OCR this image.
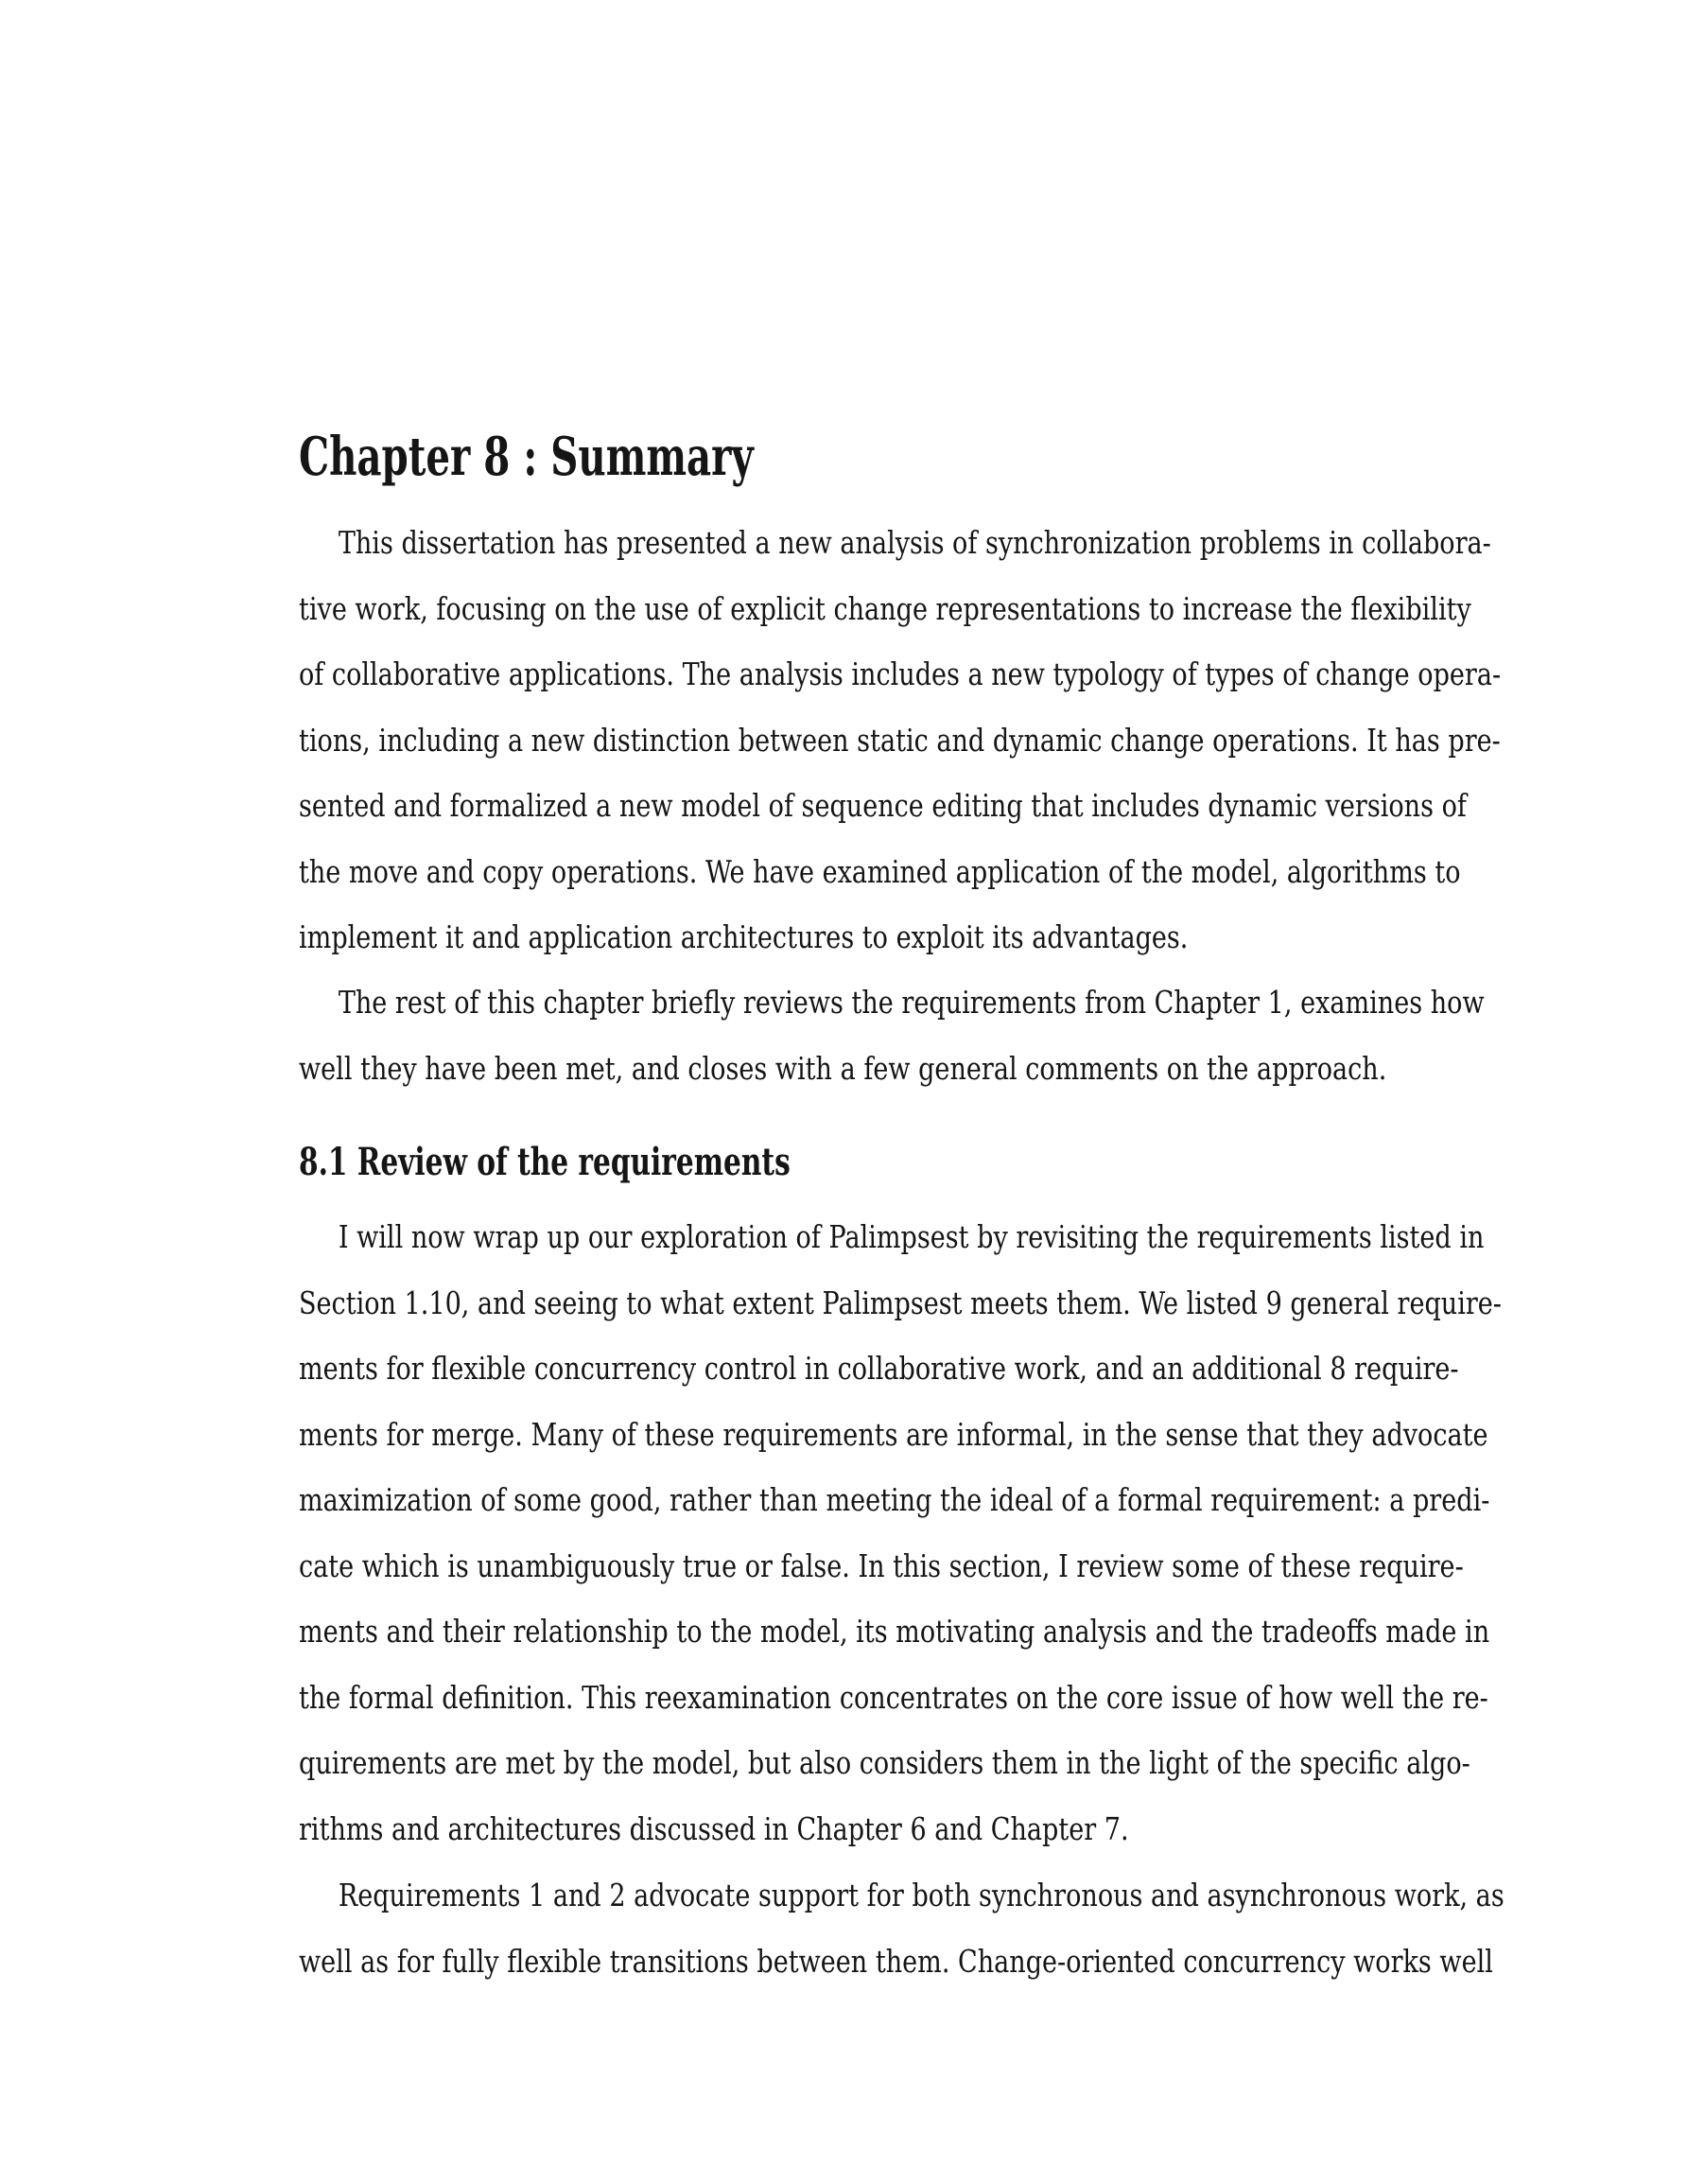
Chapter 8 : Summary
This dissertation has presented a new analysis of synchronization problems in collabora-
tive work, focusing on the use of explicit change representations to increase the flexibility
of collaborative applications. The analysis includes a new typology of types of change opera-
tions, including a new distinction between static and dynamic change operations. It has pre-
sented and formalized a new model of sequence editing that includes dynamic versions of
the move and copy operations. We have examined application of the model, algorithms to
implement it and application architectures to exploit its advantages.
The rest of this chapter briefly reviews the requirements from Chapter 1, examines how
well they have been met, and closes with a few general comments on the approach.
8.1 Review of the requirements
I will now wrap up our exploration of Palimpsest by revisiting the requirements listed in
Section 1.10, and seeing to what extent Palimpsest meets them. We listed 9 general require-
ments for flexible concurrency control in collaborative work, and an additional 8 require-
ments for merge. Many of these requirements are informal, in the sense that they advocate
maximization of some good, rather than meeting the ideal of a formal requirement: a predi-
cate which is unambiguously true or false. In this section, I review some of these require-
ments and their relationship to the model, its motivating analysis and the tradeoffs made in
the formal definition. This reexamination concentrates on the core issue of how well the re-
quirements are met by the model, but also considers them in the light of the specific algo-
rithms and architectures discussed in Chapter 6 and Chapter 7.
Requirements 1 and 2 advocate support for both synchronous and asynchronous work, as
well as for fully flexible transitions between them. Change-oriented concurrency works well
